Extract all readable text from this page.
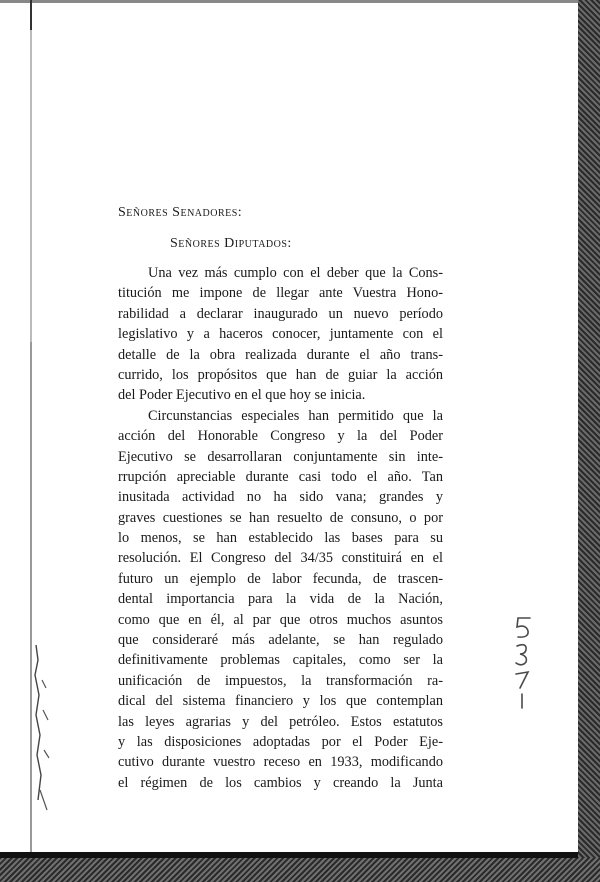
Señores Senadores:
Señores Diputados:
Una vez más cumplo con el deber que la Cons-
titución me impone de llegar ante Vuestra Hono-
rabilidad a declarar inaugurado un nuevo período
legislativo y a haceros conocer, juntamente con el
detalle de la obra realizada durante el año trans-
currido, los propósitos que han de guiar la acción
del Poder Ejecutivo en el que hoy se inicia.
Circunstancias especiales han permitido que la
acción del Honorable Congreso y la del Poder
Ejecutivo se desarrollaran conjuntamente sin inte-
rrupción apreciable durante casi todo el año. Tan
inusitada actividad no ha sido vana; grandes y
graves cuestiones se han resuelto de consuno, o por
lo menos, se han establecido las bases para su
resolución. El Congreso del 34/35 constituirá en el
futuro un ejemplo de labor fecunda, de trascen-
dental importancia para la vida de la Nación,
como que en él, al par que otros muchos asuntos
que consideraré más adelante, se han regulado
definitivamente problemas capitales, como ser la
unificación de impuestos, la transformación ra-
dical del sistema financiero y los que contemplan
las leyes agrarias y del petróleo. Estos estatutos
y las disposiciones adoptadas por el Poder Eje-
cutivo durante vuestro receso en 1933, modificando
el régimen de los cambios y creando la Junta
